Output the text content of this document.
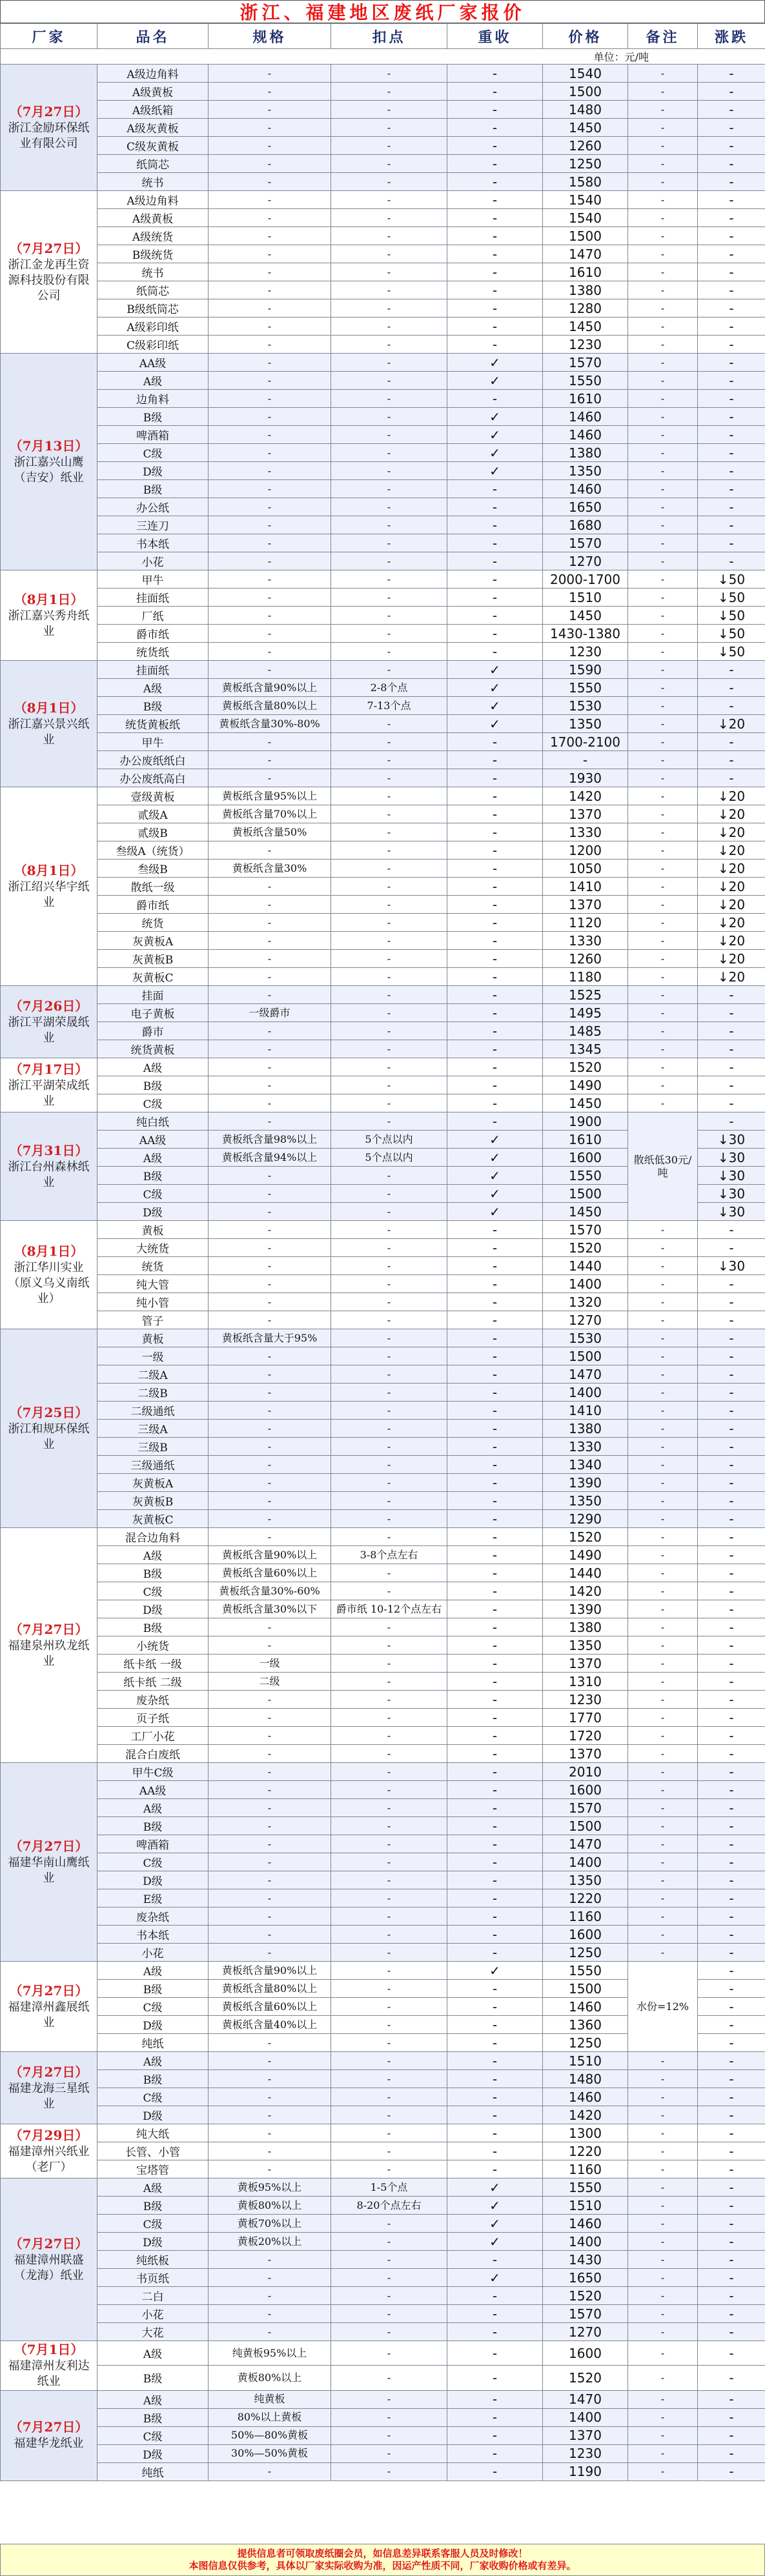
浙江、福建地区废纸厂家报价
厂家	品名	规格	扣点	重收	价格	备注	涨跌
单位：元/吨							

（7月27日）
浙江金励环保纸业有限公司	A级边角料	-	-	-	1540	-	-
	A级黄板	-	-	-	1500	-	-
	A级纸箱	-	-	-	1480	-	-
	A级灰黄板	-	-	-	1450	-	-
	C级灰黄板	-	-	-	1260	-	-
	纸筒芯	-	-	-	1250	-	-
	统书	-	-	-	1580	-	-

（7月27日）
浙江金龙再生资源科技股份有限公司	A级边角料	-	-	-	1540	-	-
	A级黄板	-	-	-	1540	-	-
	A级统货	-	-	-	1500	-	-
	B级统货	-	-	-	1470	-	-
	统书	-	-	-	1610	-	-
	纸筒芯	-	-	-	1380	-	-
	B级纸筒芯	-	-	-	1280	-	-
	A级彩印纸	-	-	-	1450	-	-
	C级彩印纸	-	-	-	1230	-	-

（7月13日）
浙江嘉兴山鹰（吉安）纸业	AA级	-	-	✓	1570	-	-
	A级	-	-	✓	1550	-	-
	边角料	-	-	-	1610	-	-
	B级	-	-	✓	1460	-	-
	啤酒箱	-	-	✓	1460	-	-
	C级	-	-	✓	1380	-	-
	D级	-	-	✓	1350	-	-
	B级	-	-	-	1460	-	-
	办公纸	-	-	-	1650	-	-
	三连刀	-	-	-	1680	-	-
	书本纸	-	-	-	1570	-	-
	小花	-	-	-	1270	-	-

（8月1日）
浙江嘉兴秀舟纸业	甲牛	-	-	-	2000-1700	-	↓50
	挂面纸	-	-	-	1510	-	↓50
	厂纸	-	-	-	1450	-	↓50
	爵市纸	-	-	-	1430-1380	-	↓50
	统货纸	-	-	-	1230	-	↓50

（8月1日）
浙江嘉兴景兴纸业	挂面纸	-	-	✓	1590	-	-
	A级	黄板纸含量90%以上	2-8个点	✓	1550	-	-
	B级	黄板纸含量80%以上	7-13个点	✓	1530	-	-
	统货黄板纸	黄板纸含量30%-80%	-	✓	1350	-	↓20
	甲牛	-	-	-	1700-2100	-	-
	办公废纸纸白	-	-	-	-	-	-
	办公废纸高白	-	-	-	1930	-	-

（8月1日）
浙江绍兴华宇纸业	壹级黄板	黄板纸含量95%以上	-	-	1420	-	↓20
	贰级A	黄板纸含量70%以上	-	-	1370	-	↓20
	贰级B	黄板纸含量50%	-	-	1330	-	↓20
	叁级A（统货）	-	-	-	1200	-	↓20
	叁级B	黄板纸含量30%	-	-	1050	-	↓20
	散纸一级	-	-	-	1410	-	↓20
	爵市纸	-	-	-	1370	-	↓20
	统货	-	-	-	1120	-	↓20
	灰黄板A	-	-	-	1330	-	↓20
	灰黄板B	-	-	-	1260	-	↓20
	灰黄板C	-	-	-	1180	-	↓20

（7月26日）
浙江平湖荣晟纸业	挂面	-	-	-	1525	-	-
	电子黄板	一级爵市	-	-	1495	-	-
	爵市	-	-	-	1485	-	-
	统货黄板	-	-	-	1345	-	-

（7月17日）
浙江平湖荣成纸业	A级	-	-	-	1520	-	-
	B级	-	-	-	1490	-	-
	C级	-	-	-	1450	-	-

（7月31日）
浙江台州森林纸业	纯白纸	-	-	-	1900	散纸低30元/吨	-
	AA级	黄板纸含量98%以上	5个点以内	✓	1610		↓30
	A级	黄板纸含量94%以上	5个点以内	✓	1600		↓30
	B级	-	-	✓	1550		↓30
	C级	-	-	✓	1500		↓30
	D级	-	-	✓	1450		↓30

（8月1日）
浙江华川实业（原义乌义南纸业）	黄板	-	-	-	1570	-	-
	大统货	-	-	-	1520	-	-
	统货	-	-	-	1440	-	↓30
	纯大管	-	-	-	1400	-	-
	纯小管	-	-	-	1320	-	-
	管子	-	-	-	1270	-	-

（7月25日）
浙江和规环保纸业	黄板	黄板纸含量大于95%	-	-	1530	-	-
	一级	-	-	-	1500	-	-
	二级A	-	-	-	1470	-	-
	二级B	-	-	-	1400	-	-
	二级通纸	-	-	-	1410	-	-
	三级A	-	-	-	1380	-	-
	三级B	-	-	-	1330	-	-
	三级通纸	-	-	-	1340	-	-
	灰黄板A	-	-	-	1390	-	-
	灰黄板B	-	-	-	1350	-	-
	灰黄板C	-	-	-	1290	-	-

（7月27日）
福建泉州玖龙纸业	混合边角料	-	-	-	1520	-	-
	A级	黄板纸含量90%以上	3-8个点左右	-	1490	-	-
	B级	黄板纸含量60%以上	-	-	1440	-	-
	C级	黄板纸含量30%-60%	-	-	1420	-	-
	D级	黄板纸含量30%以下	爵市纸 10-12个点左右	-	1390	-	-
	B级	-	-	-	1380	-	-
	小统货	-	-	-	1350	-	-
	纸卡纸 一级	一级	-	-	1370	-	-
	纸卡纸 二级	二级	-	-	1310	-	-
	废杂纸	-	-	-	1230	-	-
	页子纸	-	-	-	1770	-	-
	工厂小花	-	-	-	1720	-	-
	混合白废纸	-	-	-	1370	-	-

（7月27日）
福建华南山鹰纸业	甲牛C级	-	-	-	2010	-	-
	AA级	-	-	-	1600	-	-
	A级	-	-	-	1570	-	-
	B级	-	-	-	1500	-	-
	啤酒箱	-	-	-	1470	-	-
	C级	-	-	-	1400	-	-
	D级	-	-	-	1350	-	-
	E级	-	-	-	1220	-	-
	废杂纸	-	-	-	1160	-	-
	书本纸	-	-	-	1600	-	-
	小花	-	-	-	1250	-	-

（7月27日）
福建漳州鑫展纸业	A级	黄板纸含量90%以上	-	✓	1550	水份=12%	-
	B级	黄板纸含量80%以上	-	-	1500		-
	C级	黄板纸含量60%以上	-	-	1460		-
	D级	黄板纸含量40%以上	-	-	1360		-
	纯纸	-	-	-	1250		-

（7月27日）
福建龙海三星纸业	A级	-	-	-	1510	-	-
	B级	-	-	-	1480	-	-
	C级	-	-	-	1460	-	-
	D级	-	-	-	1420	-	-

（7月29日）
福建漳州兴纸业（老厂）	纯大纸	-	-	-	1300	-	-
	长管、小管	-	-	-	1220	-	-
	宝塔管	-	-	-	1160	-	-

（7月27日）
福建漳州联盛（龙海）纸业	A级	黄板95%以上	1-5个点	✓	1550	-	-
	B级	黄板80%以上	8-20个点左右	✓	1510	-	-
	C级	黄板70%以上	-	✓	1460	-	-
	D级	黄板20%以上	-	✓	1400	-	-
	纯纸板	-	-	-	1430	-	-
	书页纸	-	-	✓	1650	-	-
	二白	-	-	-	1520	-	-
	小花	-	-	-	1570	-	-
	大花	-	-	-	1270	-	-

（7月1日）
福建漳州友利达纸业	A级	纯黄板95%以上	-	-	1600	-	-
	B级	黄板80%以上	-	-	1520	-	-

（7月27日）
福建华龙纸业	A级	纯黄板	-	-	1470	-	-
	B级	80%以上黄板	-	-	1400	-	-
	C级	50%—80%黄板	-	-	1370	-	-
	D级	30%—50%黄板	-	-	1230	-	-
	纯纸	-	-	-	1190	-	-
提供信息者可领取废纸圈会员，如信息差异联系客服人员及时修改！
本图信息仅供参考，具体以厂家实际收购为准，因运产性质不同，厂家收购价格或有差异。
